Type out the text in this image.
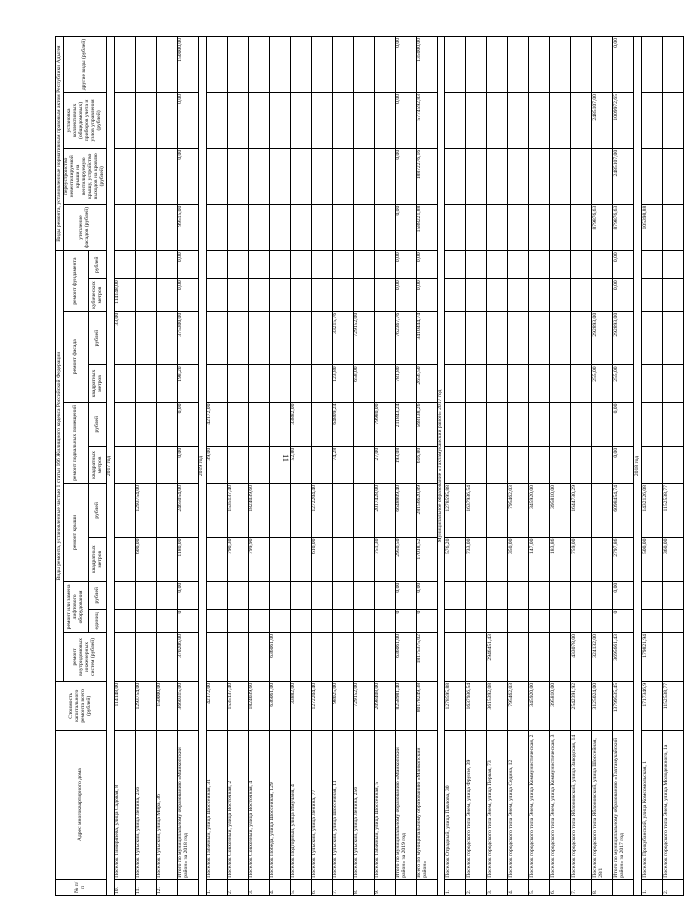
№ п/п	Адрес многоквартирного дома	Стоимость капитального ремонта всего (рублей)	Виды ремонта, установленные частью 1 статьи 166 Жилищного кодекса Российской Федерации											Виды ремонта, установленные нормативным правовым актом Республики Адыгея			
			ремонт внутридомовых инженерных систем (рублей)	ремонт или замена лифтового оборудования		ремонт крыши		ремонт подвальных помещений		ремонт фасада		ремонт фундамента		утепление фасадов (рублей)	переустройство невентилируемой крыши на вентилируемую крышу, устройство выходов на кровлю (рублей)	установка коллективных (общедомовых) приборов учета и узлов управления (рублей)	другие виды (рублей)
				единиц	рублей	квадратных метров	рублей	квадратных метров	рублей	квадратных метров	рублей	кубических метров	рублей				
2017 год																	
10.	Поселок Тимирязева, улица Садовая, 8	114148,00									33,00	114148,00					
11.	Поселок Тульский, улица Ленина, 25б	1293754,00				600,00	1293754,00										
12.	Поселок Тульский, улица Мира, 36	150000,00															
	Итого по муниципальному образованию «Майкопский район» за 2018 год	3660315,00	370206,00	0	0,00	1180,00	2465054,00	0,00	0,00	198,20	375300,00	0,00	0,00	99515,00	0,00	0,00	150000,00
2019 год																	
1.	Поселок Табачный, улица Шоссейная, 31	42172,00						39,00	42172,00								
2.	Поселок Совхозный, улица Восточная, 2	1535137,40				790,30	1535137,40										
3.	Поселок Совхозный, улица Восточная, 4	1824039,60				799,90	1824039,60										
4.	Поселок Победа, улица Шоссейная, 129	636061,00	636061,00														
5.	Поселок Подгорный, улица Имучаня, 4	33882,00						52,80	33882,00								
6.	Поселок Тульский, улица Ленина, 77	1272204,40				610,00	1272204,40										
7.	Поселок Тульский, улица Шоссейная, 11	98025,00						74,28	64809,24	123,80	33215,76						
8.	Поселок Тульский, улица Ленина, 25б	729152,00								658,00	729152,00						
9.	Поселок Табачный, улица Шоссейная, 5	2098408,00				751,30	2017428,00	27,00	79980,00								
	Итого по муниципальному образованию «Майкопский район» за 2019 год	8258981,40	636061,00	0	0,00	2950,50	6648809,40	193,08	211843,24	781,80	762367,76	0,00	0,00	0,00	0,00	0,00	0,00
	Всего по муниципальному образованию «Майкопский район»	80178249,38	18175375,02	0	0,00	17018,52	28156620,89	616,80	568138,26	2656,50	3410444,74	0,00	0,00	1588221,88	18872276,16	5774592,83	135000,00
Муниципальное образование «Тахтамукайский район» 2017 год																	
1.	Поселок Отрадный, улица Павлова, 30	1278595,88				576,20	1278595,88										
2.	Поселок городского типа Энем, улица Фрунзе, 39	1637936,54				733,00	1637936,54										
3.	Поселок городского типа Энем, улица Первая, 73	3615392,08	2946451,43														
4.	Поселок городского типа Энем, улица Седина, 12	795462,03				350,00	795462,03										
5.	Поселок городского типа Энем, улица Коммунистическая, 2	345920,00				147,00	345920,00										
6.	Поселок городского типа Энем, улица Коммунистическая, 3	395810,00				183,86	395810,00										
7.	Поселок городского типа Яблоновский, улица Заводская, 14	2542391,92	433078,00			759,00	1644730,29										
8.	Поселок городского типа Яблоновский, улица Шоссейная, 28/1	3125024,00	324132,00							255,00	292893,00			879876,63		2485107,00	
	Итого по муниципальному образованию «Тахтамукайский район» за 2017 год	13799535,45	3695661,43	0	0,00	2797,86	6098454,74	0,00	0,00	255,00	292893,00	0,00	0,00	879876,63	2485107,00	1009972,65	0,00
2018 год																	
1.	Поселок Прикубанский, улица Комсомольская, 1	1717346,9	179821,94			500,00	1432126,08							105398,88			
2.	Поселок городского типа Энем, улица Молодежного, 1а	1152538,77				360,00	1152538,77										
11
